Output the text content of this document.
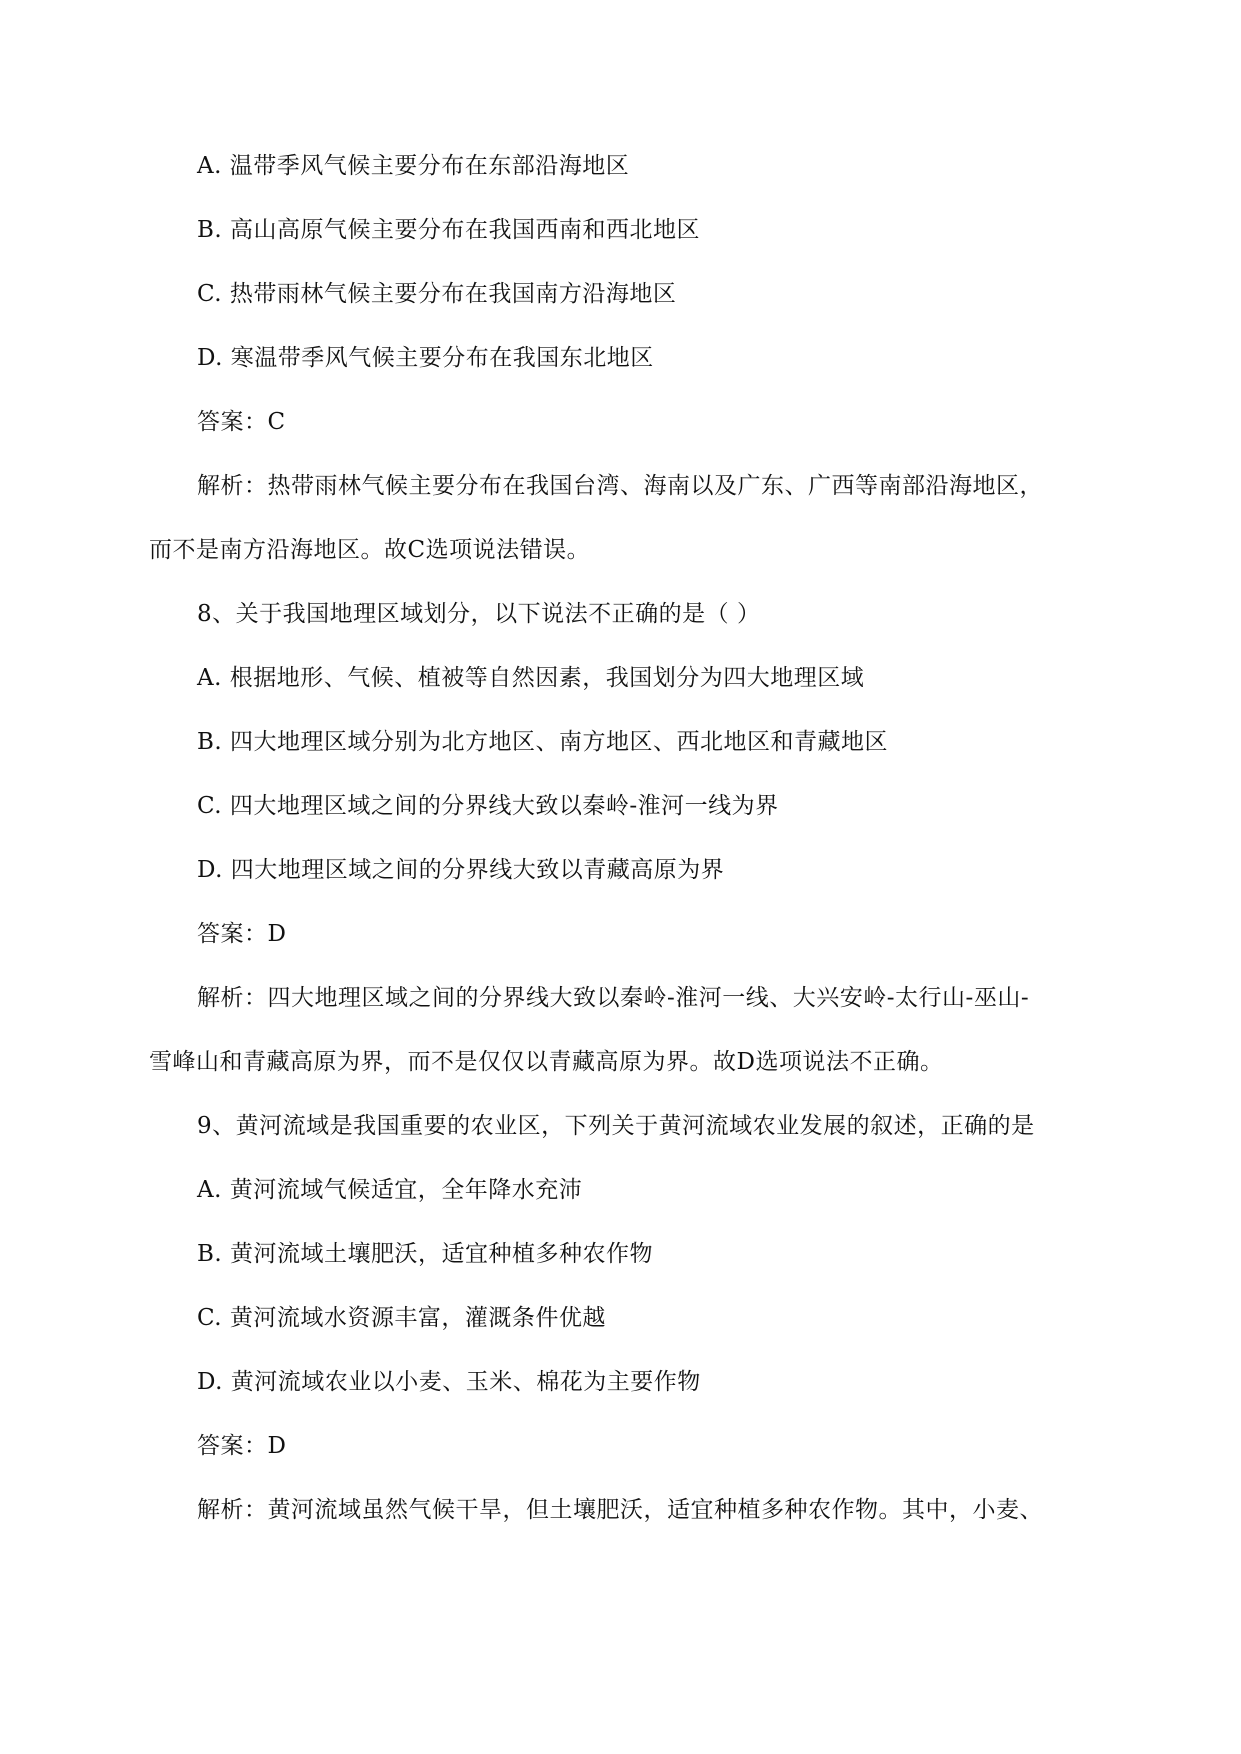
A. 温带季风气候主要分布在东部沿海地区
B. 高山高原气候主要分布在我国西南和西北地区
C. 热带雨林气候主要分布在我国南方沿海地区
D. 寒温带季风气候主要分布在我国东北地区
答案：C
解析：热带雨林气候主要分布在我国台湾、海南以及广东、广西等南部沿海地区，
而不是南方沿海地区。故C选项说法错误。
8、关于我国地理区域划分，以下说法不正确的是（ ）
A. 根据地形、气候、植被等自然因素，我国划分为四大地理区域
B. 四大地理区域分别为北方地区、南方地区、西北地区和青藏地区
C. 四大地理区域之间的分界线大致以秦岭-淮河一线为界
D. 四大地理区域之间的分界线大致以青藏高原为界
答案：D
解析：四大地理区域之间的分界线大致以秦岭-淮河一线、大兴安岭-太行山-巫山-
雪峰山和青藏高原为界，而不是仅仅以青藏高原为界。故D选项说法不正确。
9、黄河流域是我国重要的农业区，下列关于黄河流域农业发展的叙述，正确的是
A. 黄河流域气候适宜，全年降水充沛
B. 黄河流域土壤肥沃，适宜种植多种农作物
C. 黄河流域水资源丰富，灌溉条件优越
D. 黄河流域农业以小麦、玉米、棉花为主要作物
答案：D
解析：黄河流域虽然气候干旱，但土壤肥沃，适宜种植多种农作物。其中，小麦、
